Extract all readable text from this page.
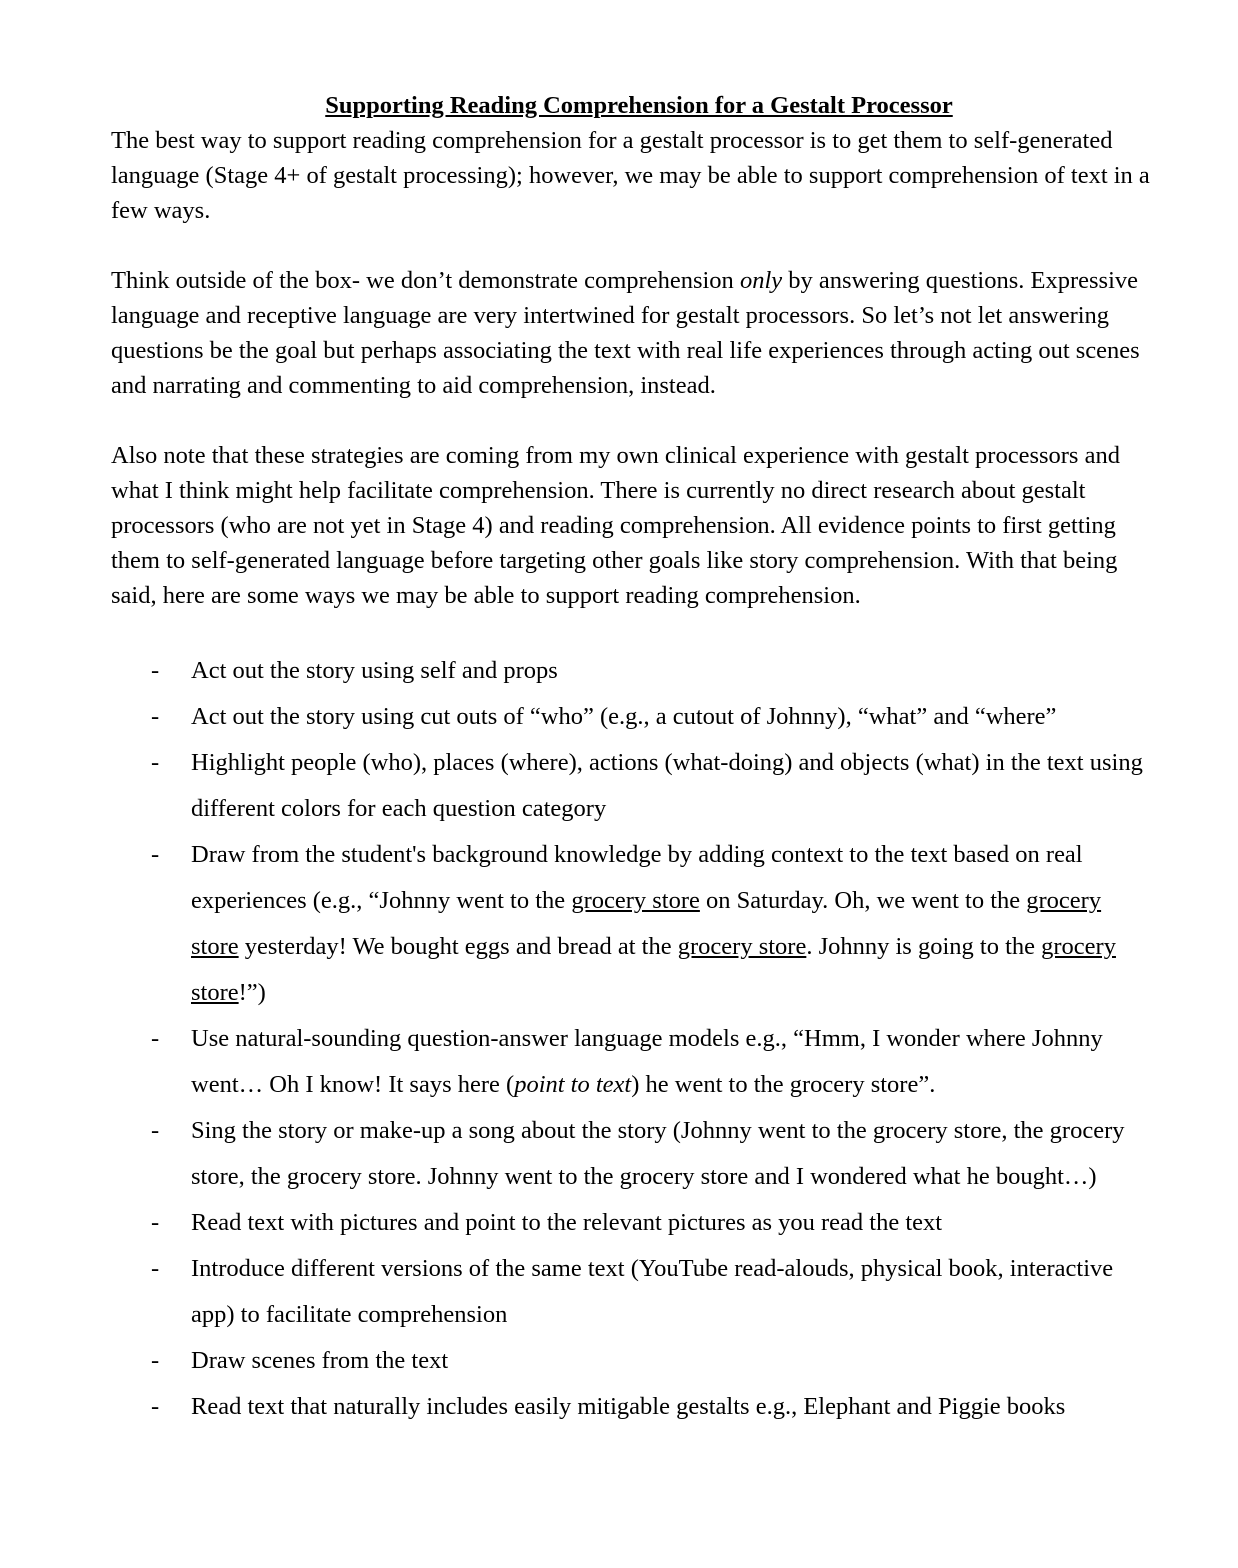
Supporting Reading Comprehension for a Gestalt Processor

The best way to support reading comprehension for a gestalt processor is to get them to self-generated language (Stage 4+ of gestalt processing); however, we may be able to support comprehension of text in a few ways.

Think outside of the box- we don’t demonstrate comprehension only by answering questions. Expressive language and receptive language are very intertwined for gestalt processors. So let’s not let answering questions be the goal but perhaps associating the text with real life experiences through acting out scenes and narrating and commenting to aid comprehension, instead.

Also note that these strategies are coming from my own clinical experience with gestalt processors and what I think might help facilitate comprehension. There is currently no direct research about gestalt processors (who are not yet in Stage 4) and reading comprehension. All evidence points to first getting them to self-generated language before targeting other goals like story comprehension. With that being said, here are some ways we may be able to support reading comprehension.

- Act out the story using self and props
- Act out the story using cut outs of “who” (e.g., a cutout of Johnny), “what” and “where”
- Highlight people (who), places (where), actions (what-doing) and objects (what) in the text using different colors for each question category
- Draw from the student's background knowledge by adding context to the text based on real experiences (e.g., “Johnny went to the grocery store on Saturday. Oh, we went to the grocery store yesterday! We bought eggs and bread at the grocery store. Johnny is going to the grocery store!”)
- Use natural-sounding question-answer language models e.g., “Hmm, I wonder where Johnny went… Oh I know! It says here (point to text) he went to the grocery store”.
- Sing the story or make-up a song about the story (Johnny went to the grocery store, the grocery store, the grocery store. Johnny went to the grocery store and I wondered what he bought…)
- Read text with pictures and point to the relevant pictures as you read the text
- Introduce different versions of the same text (YouTube read-alouds, physical book, interactive app) to facilitate comprehension
- Draw scenes from the text
- Read text that naturally includes easily mitigable gestalts e.g., Elephant and Piggie books
